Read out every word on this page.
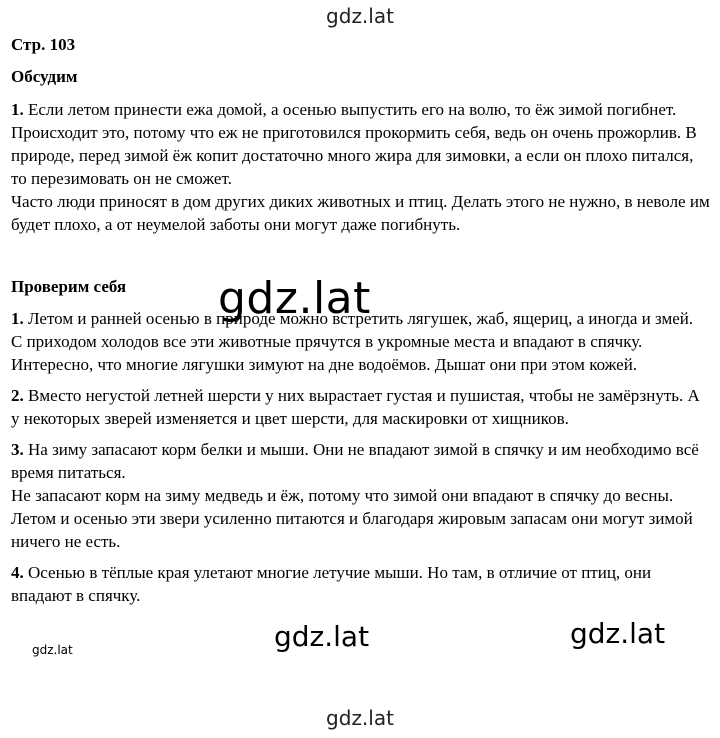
gdz.lat

Стр. 103

Обсудим

1. Если летом принести ежа домой, а осенью выпустить его на волю, то ёж зимой погибнет. Происходит это, потому что еж не приготовился прокормить себя, ведь он очень прожорлив. В природе, перед зимой ёж копит достаточно много жира для зимовки, а если он плохо питался, то перезимовать он не сможет.

Часто люди приносят в дом других диких животных и птиц. Делать этого не нужно, в неволе им будет плохо, а от неумелой заботы они могут даже погибнуть.

Проверим себя

1. Летом и ранней осенью в природе можно встретить лягушек, жаб, ящериц, а иногда и змей.

С приходом холодов все эти животные прячутся в укромные места и впадают в спячку. Интересно, что многие лягушки зимуют на дне водоёмов. Дышат они при этом кожей.

2. Вместо негустой летней шерсти у них вырастает густая и пушистая, чтобы не замёрзнуть. А у некоторых зверей изменяется и цвет шерсти, для маскировки от хищников.

3. На зиму запасают корм белки и мыши. Они не впадают зимой в спячку и им необходимо всё время питаться.

Не запасают корм на зиму медведь и ёж, потому что зимой они впадают в спячку до весны. Летом и осенью эти звери усиленно питаются и благодаря жировым запасам они могут зимой ничего не есть.

4. Осенью в тёплые края улетают многие летучие мыши. Но там, в отличие от птиц, они впадают в спячку.

gdz.lat
gdz.lat	gdz.lat
gdz.lat
gdz.lat
